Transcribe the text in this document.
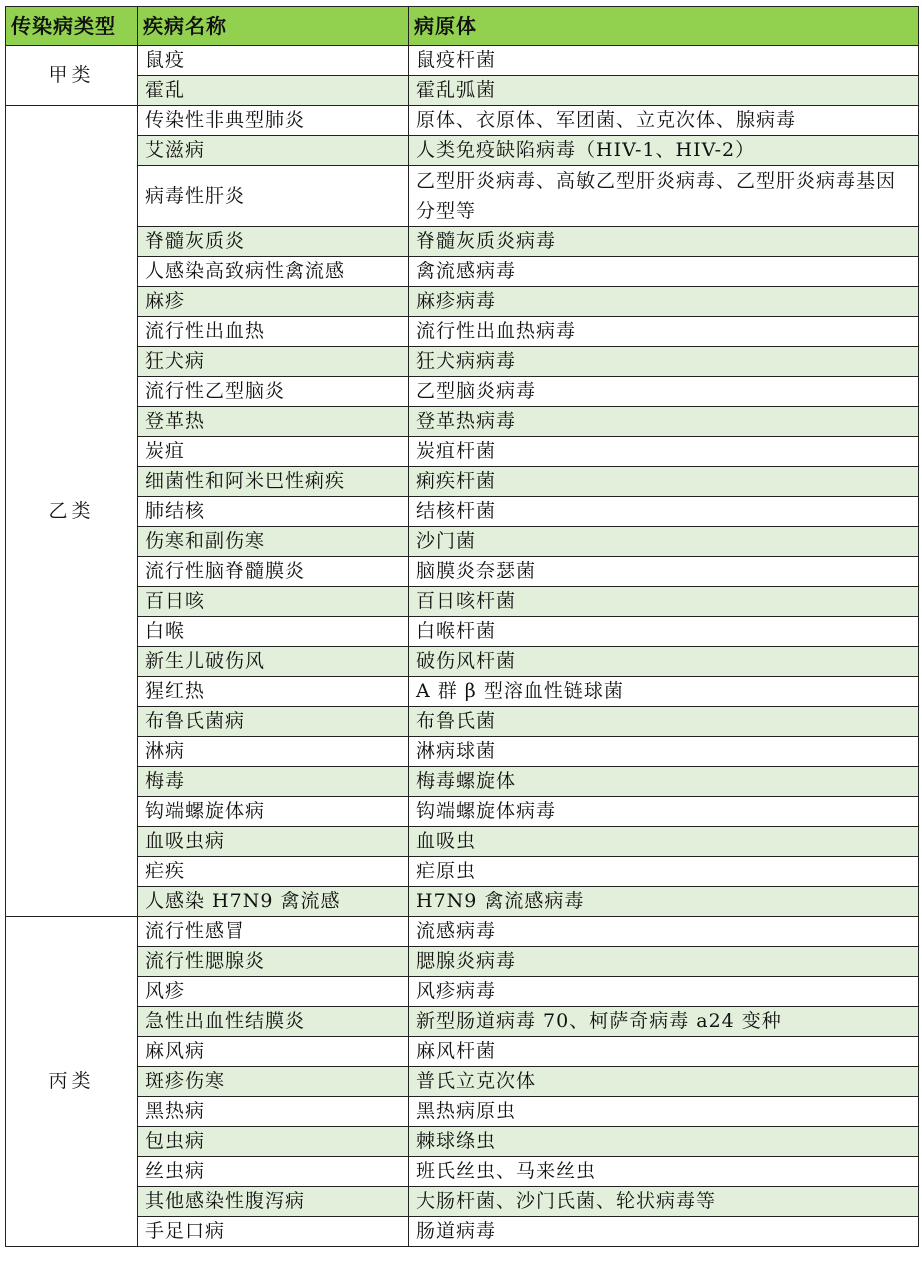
传染病类型	疾病名称	病原体
甲类	鼠疫	鼠疫杆菌
	霍乱	霍乱弧菌
乙类	传染性非典型肺炎	原体、衣原体、军团菌、立克次体、腺病毒
	艾滋病	人类免疫缺陷病毒（HIV-1、HIV-2）
	病毒性肝炎	乙型肝炎病毒、高敏乙型肝炎病毒、乙型肝炎病毒基因分型等
	脊髓灰质炎	脊髓灰质炎病毒
	人感染高致病性禽流感	禽流感病毒
	麻疹	麻疹病毒
	流行性出血热	流行性出血热病毒
	狂犬病	狂犬病病毒
	流行性乙型脑炎	乙型脑炎病毒
	登革热	登革热病毒
	炭疽	炭疽杆菌
	细菌性和阿米巴性痢疾	痢疾杆菌
	肺结核	结核杆菌
	伤寒和副伤寒	沙门菌
	流行性脑脊髓膜炎	脑膜炎奈瑟菌
	百日咳	百日咳杆菌
	白喉	白喉杆菌
	新生儿破伤风	破伤风杆菌
	猩红热	A 群 β 型溶血性链球菌
	布鲁氏菌病	布鲁氏菌
	淋病	淋病球菌
	梅毒	梅毒螺旋体
	钩端螺旋体病	钩端螺旋体病毒
	血吸虫病	血吸虫
	疟疾	疟原虫
	人感染 H7N9 禽流感	H7N9 禽流感病毒
丙类	流行性感冒	流感病毒
	流行性腮腺炎	腮腺炎病毒
	风疹	风疹病毒
	急性出血性结膜炎	新型肠道病毒 70、柯萨奇病毒 a24 变种
	麻风病	麻风杆菌
	斑疹伤寒	普氏立克次体
	黑热病	黑热病原虫
	包虫病	棘球绦虫
	丝虫病	班氏丝虫、马来丝虫
	其他感染性腹泻病	大肠杆菌、沙门氏菌、轮状病毒等
	手足口病	肠道病毒
